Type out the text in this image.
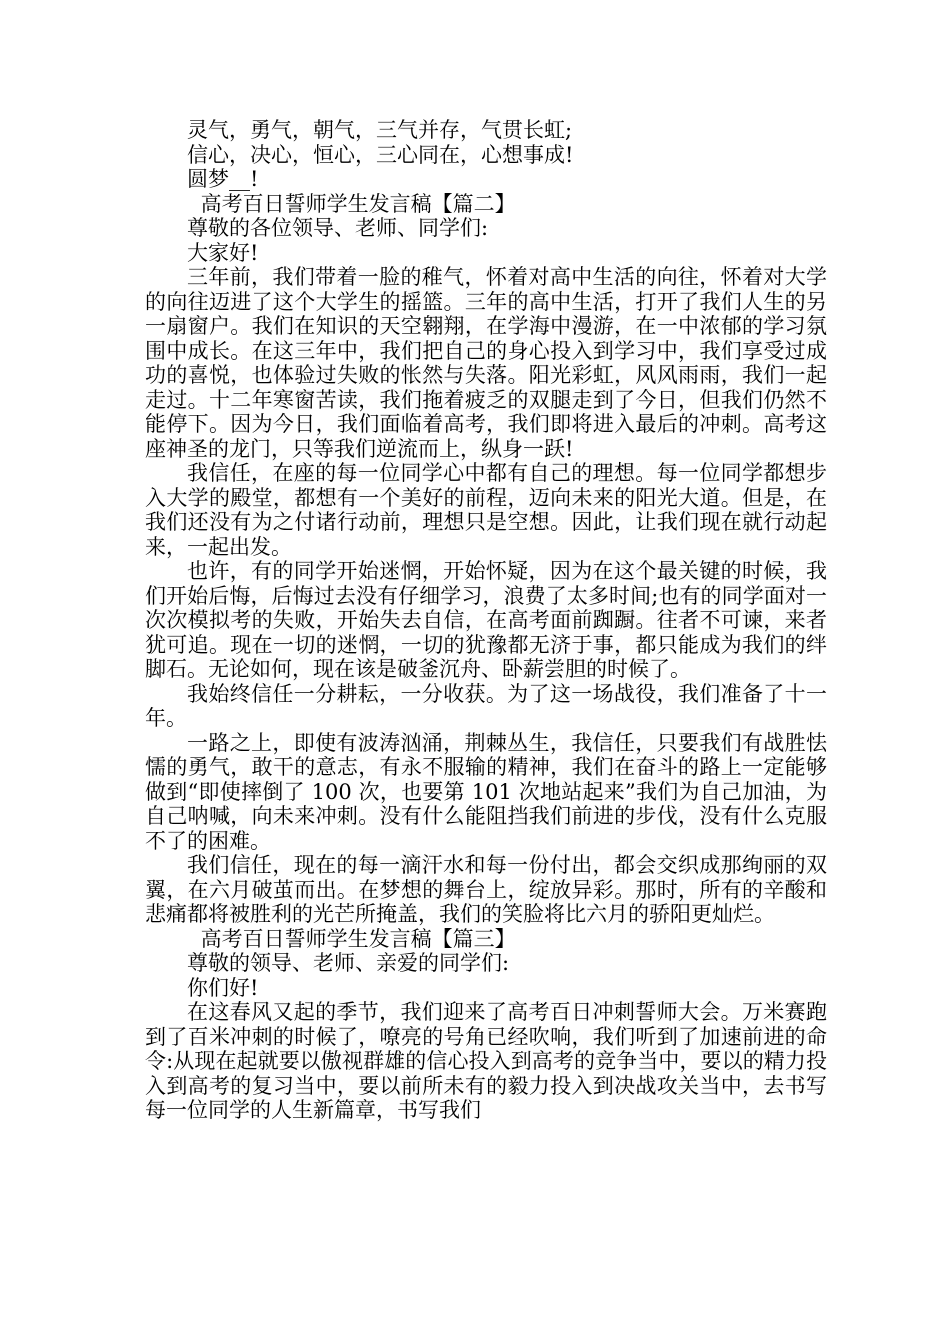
灵气，勇气，朝气，三气并存，气贯长虹;

信心，决心，恒心，三心同在，心想事成!

圆梦__!

高考百日誓师学生发言稿【篇二】

尊敬的各位领导、老师、同学们:

大家好!

三年前，我们带着一脸的稚气，怀着对高中生活的向往，怀着对大学的向往迈进了这个大学生的摇篮。三年的高中生活，打开了我们人生的另一扇窗户。我们在知识的天空翱翔，在学海中漫游，在一中浓郁的学习氛围中成长。在这三年中，我们把自己的身心投入到学习中，我们享受过成功的喜悦，也体验过失败的怅然与失落。阳光彩虹，风风雨雨，我们一起走过。十二年寒窗苦读，我们拖着疲乏的双腿走到了今日，但我们仍然不能停下。因为今日，我们面临着高考，我们即将进入最后的冲刺。高考这座神圣的龙门，只等我们逆流而上，纵身一跃!

我信任，在座的每一位同学心中都有自己的理想。每一位同学都想步入大学的殿堂，都想有一个美好的前程，迈向未来的阳光大道。但是，在我们还没有为之付诸行动前，理想只是空想。因此，让我们现在就行动起来，一起出发。

也许，有的同学开始迷惘，开始怀疑，因为在这个最关键的时候，我们开始后悔，后悔过去没有仔细学习，浪费了太多时间;也有的同学面对一次次模拟考的失败，开始失去自信，在高考面前踟蹰。往者不可谏，来者犹可追。现在一切的迷惘，一切的犹豫都无济于事，都只能成为我们的绊脚石。无论如何，现在该是破釜沉舟、卧薪尝胆的时候了。

我始终信任一分耕耘，一分收获。为了这一场战役，我们准备了十一年。

一路之上，即使有波涛汹涌，荆棘丛生，我信任，只要我们有战胜怯懦的勇气，敢干的意志，有永不服输的精神，我们在奋斗的路上一定能够做到“即使摔倒了 100 次，也要第 101 次地站起来”我们为自己加油，为自己呐喊，向未来冲刺。没有什么能阻挡我们前进的步伐，没有什么克服不了的困难。

我们信任，现在的每一滴汗水和每一份付出，都会交织成那绚丽的双翼，在六月破茧而出。在梦想的舞台上，绽放异彩。那时，所有的辛酸和悲痛都将被胜利的光芒所掩盖，我们的笑脸将比六月的骄阳更灿烂。

高考百日誓师学生发言稿【篇三】

尊敬的领导、老师、亲爱的同学们:

你们好!

在这春风又起的季节，我们迎来了高考百日冲刺誓师大会。万米赛跑到了百米冲刺的时候了，嘹亮的号角已经吹响，我们听到了加速前进的命令:从现在起就要以傲视群雄的信心投入到高考的竞争当中，要以的精力投入到高考的复习当中，要以前所未有的毅力投入到决战攻关当中，去书写每一位同学的人生新篇章，书写我们
